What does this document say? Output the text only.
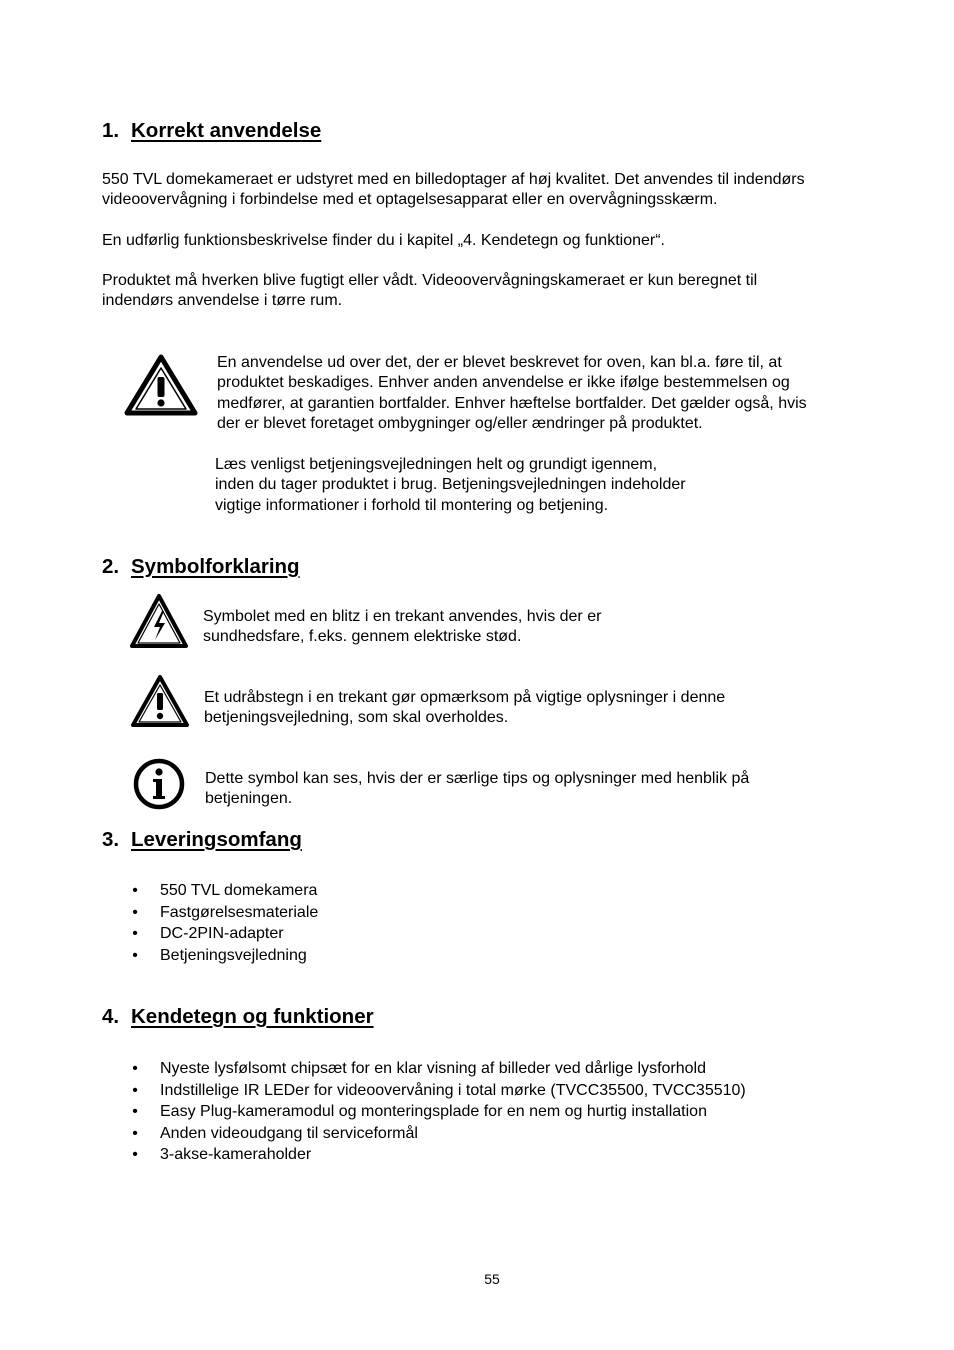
1. Korrekt anvendelse

550 TVL domekameraet er udstyret med en billedoptager af høj kvalitet. Det anvendes til indendørs
videoovervågning i forbindelse med et optagelsesapparat eller en overvågningsskærm.

En udførlig funktionsbeskrivelse finder du i kapitel „4. Kendetegn og funktioner“.

Produktet må hverken blive fugtigt eller vådt. Videoovervågningskameraet er kun beregnet til
indendørs anvendelse i tørre rum.

En anvendelse ud over det, der er blevet beskrevet for oven, kan bl.a. føre til, at
produktet beskadiges. Enhver anden anvendelse er ikke ifølge bestemmelsen og
medfører, at garantien bortfalder. Enhver hæftelse bortfalder. Det gælder også, hvis
der er blevet foretaget ombygninger og/eller ændringer på produktet.

Læs venligst betjeningsvejledningen helt og grundigt igennem,
inden du tager produktet i brug. Betjeningsvejledningen indeholder
vigtige informationer i forhold til montering og betjening.

2. Symbolforklaring

Symbolet med en blitz i en trekant anvendes, hvis der er
sundhedsfare, f.eks. gennem elektriske stød.

Et udråbstegn i en trekant gør opmærksom på vigtige oplysninger i denne
betjeningsvejledning, som skal overholdes.

Dette symbol kan ses, hvis der er særlige tips og oplysninger med henblik på
betjeningen.

3. Leveringsomfang
• 550 TVL domekamera
• Fastgørelsesmateriale
• DC-2PIN-adapter
• Betjeningsvejledning
4. Kendetegn og funktioner
• Nyeste lysfølsomt chipsæt for en klar visning af billeder ved dårlige lysforhold
• Indstillelige IR LEDer for videoovervåning i total mørke (TVCC35500, TVCC35510)
• Easy Plug-kameramodul og monteringsplade for en nem og hurtig installation
• Anden videoudgang til serviceformål
• 3-akse-kameraholder
55
